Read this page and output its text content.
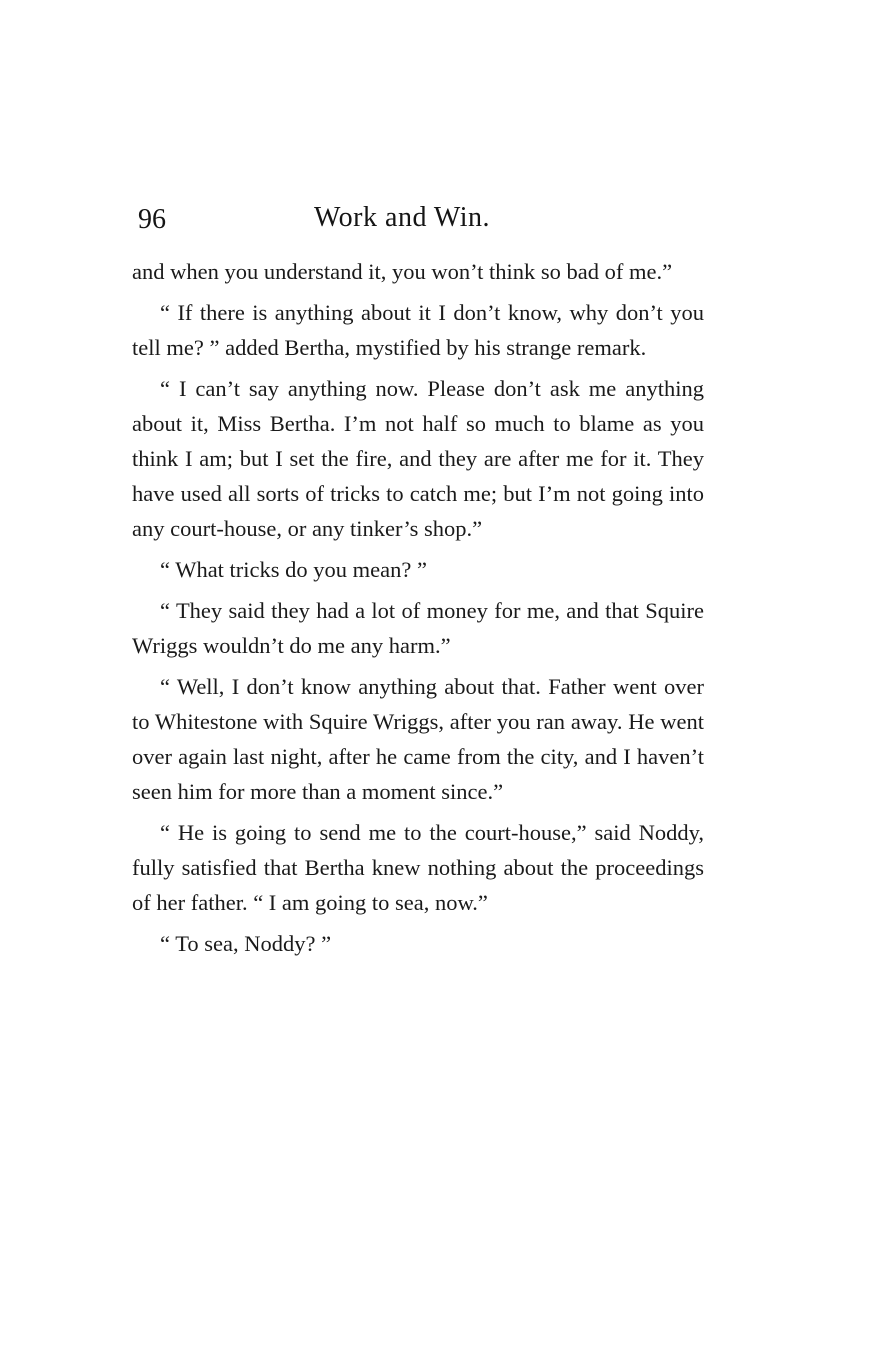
96	Work and Win.

and when you understand it, you won’t think so bad of me.”

“ If there is anything about it I don’t know, why don’t you tell me? ” added Bertha, mystified by his strange remark.

“ I can’t say anything now. Please don’t ask me anything about it, Miss Bertha. I’m not half so much to blame as you think I am; but I set the fire, and they are after me for it. They have used all sorts of tricks to catch me; but I’m not going into any court-house, or any tinker’s shop.”

“ What tricks do you mean? ”

“ They said they had a lot of money for me, and that Squire Wriggs wouldn’t do me any harm.”

“ Well, I don’t know anything about that. Father went over to Whitestone with Squire Wriggs, after you ran away. He went over again last night, after he came from the city, and I haven’t seen him for more than a moment since.”

“ He is going to send me to the court-house,” said Noddy, fully satisfied that Bertha knew nothing about the proceedings of her father. “ I am going to sea, now.”

“ To sea, Noddy? ”
